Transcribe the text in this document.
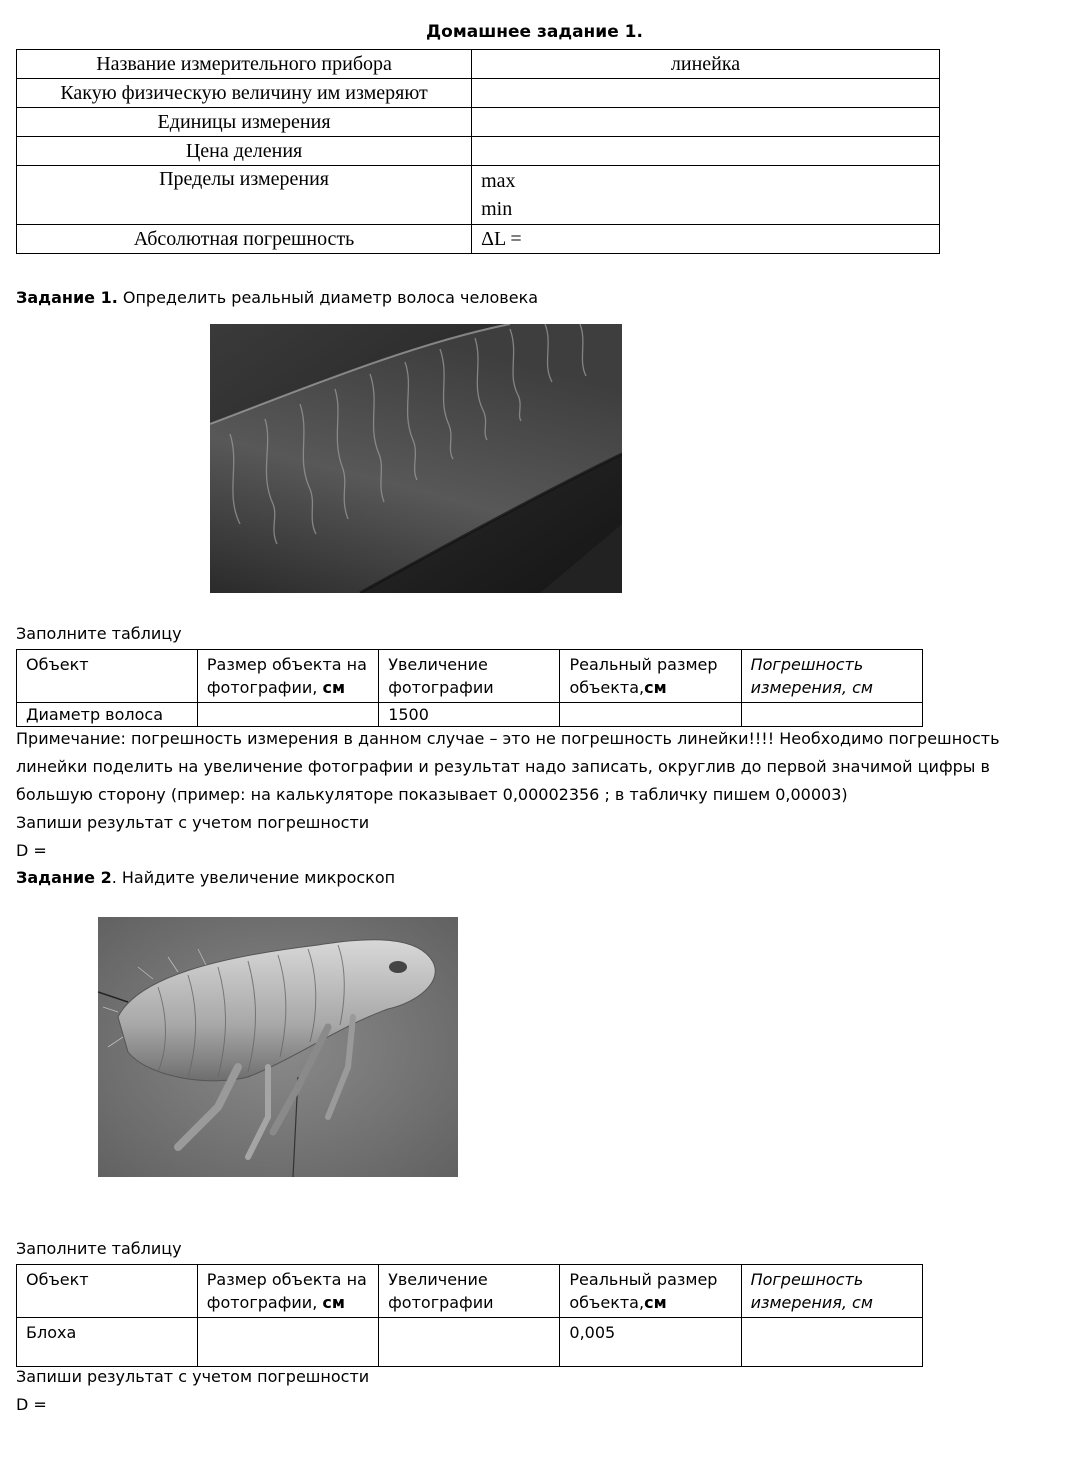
Домашнее задание 1.
Название измерительного прибора	линейка
Какую физическую величину им измеряют	
Единицы измерения	
Цена деления	
Пределы измерения	max
min

Абсолютная погрешность	ΔL =
Задание 1. Определить реальный диаметр волоса человека
Заполните таблицу
Объект	Размер объекта на фотографии, см	Увеличение фотографии	Реальный размер объекта,см	Погрешность измерения, см
Диаметр волоса		1500		
Примечание: погрешность измерения в данном случае – это не погрешность линейки!!!! Необходимо погрешность линейки поделить на увеличение фотографии и результат надо записать, округлив до первой значимой цифры в большую сторону (пример: на калькуляторе показывает 0,00002356 ; в табличку пишем 0,00003)
Запиши результат с учетом погрешности
D =
Задание 2. Найдите увеличение микроскоп
Заполните таблицу
Объект	Размер объекта на фотографии, см	Увеличение фотографии	Реальный размер объекта,см	Погрешность измерения, см
Блоха			0,005	
Запиши результат с учетом погрешности
D =
